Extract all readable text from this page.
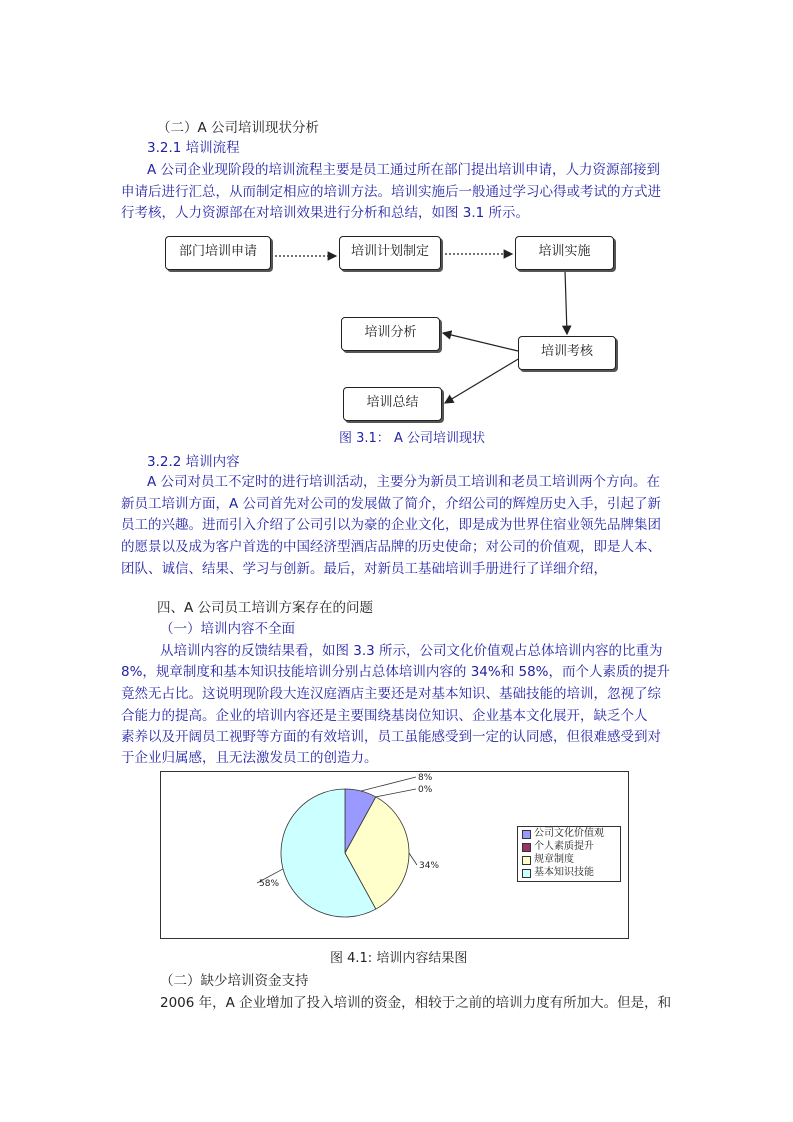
（二）A 公司培训现状分析
3.2.1 培训流程
A 公司企业现阶段的培训流程主要是员工通过所在部门提出培训申请，人力资源部接到
申请后进行汇总，从而制定相应的培训方法。培训实施后一般通过学习心得或考试的方式进
行考核，人力资源部在对培训效果进行分析和总结，如图 3.1 所示。
部门培训申请	培训计划制定	培训实施
培训考核
培训分析
培训总结
图 3.1： A 公司培训现状
3.2.2 培训内容
A 公司对员工不定时的进行培训活动，主要分为新员工培训和老员工培训两个方向。在
新员工培训方面，A 公司首先对公司的发展做了简介，介绍公司的辉煌历史入手，引起了新
员工的兴趣。进而引入介绍了公司引以为豪的企业文化，即是成为世界住宿业领先品牌集团
的愿景以及成为客户首选的中国经济型酒店品牌的历史使命；对公司的价值观，即是人本、
团队、诚信、结果、学习与创新。最后，对新员工基础培训手册进行了详细介绍，
四、A 公司员工培训方案存在的问题
（一）培训内容不全面
从培训内容的反馈结果看，如图 3.3 所示，公司文化价值观占总体培训内容的比重为
8%，规章制度和基本知识技能培训分别占总体培训内容的 34%和 58%，而个人素质的提升
竟然无占比。这说明现阶段大连汉庭酒店主要还是对基本知识、基础技能的培训，忽视了综
合能力的提高。企业的培训内容还是主要围绕基岗位知识、企业基本文化展开，缺乏个人
素养以及开阔员工视野等方面的有效培训，员工虽能感受到一定的认同感，但很难感受到对
于企业归属感，且无法激发员工的创造力。
8%
0%
34%
58%
公司文化价值观
个人素质提升
规章制度
基本知识技能
图 4.1: 培训内容结果图
（二）缺少培训资金支持
2006 年，A 企业增加了投入培训的资金，相较于之前的培训力度有所加大。但是，和
